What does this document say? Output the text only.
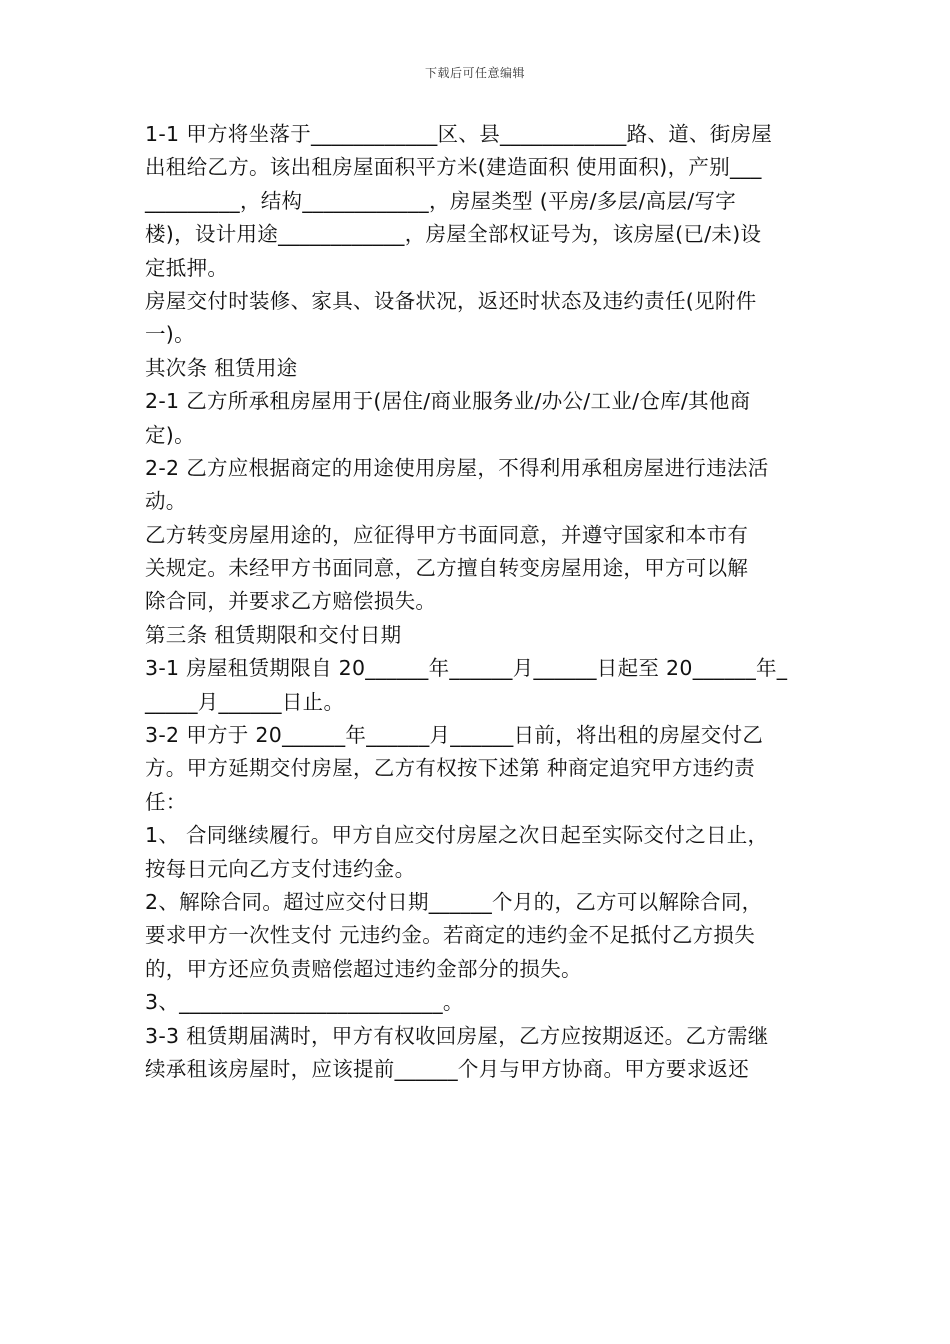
下载后可任意编辑
1-1 甲方将坐落于____________区、县____________路、道、街房屋
出租给乙方。该出租房屋面积平方米(建造面积 使用面积)，产别___
_________，结构____________，房屋类型 (平房/多层/高层/写字
楼)，设计用途____________，房屋全部权证号为，该房屋(已/未)设
定抵押。
房屋交付时装修、家具、设备状况，返还时状态及违约责任(见附件
一)。
其次条 租赁用途
2-1 乙方所承租房屋用于(居住/商业服务业/办公/工业/仓库/其他商
定)。
2-2 乙方应根据商定的用途使用房屋，不得利用承租房屋进行违法活
动。
乙方转变房屋用途的，应征得甲方书面同意，并遵守国家和本市有
关规定。未经甲方书面同意，乙方擅自转变房屋用途，甲方可以解
除合同，并要求乙方赔偿损失。
第三条 租赁期限和交付日期
3-1 房屋租赁期限自 20______年______月______日起至 20______年_
_____月______日止。
3-2 甲方于 20______年______月______日前，将出租的房屋交付乙
方。甲方延期交付房屋，乙方有权按下述第 种商定追究甲方违约责
任：
1、 合同继续履行。甲方自应交付房屋之次日起至实际交付之日止，
按每日元向乙方支付违约金。
2、解除合同。超过应交付日期______个月的，乙方可以解除合同，
要求甲方一次性支付 元违约金。若商定的违约金不足抵付乙方损失
的，甲方还应负责赔偿超过违约金部分的损失。
3、_________________________。
3-3 租赁期届满时，甲方有权收回房屋，乙方应按期返还。乙方需继
续承租该房屋时，应该提前______个月与甲方协商。甲方要求返还
